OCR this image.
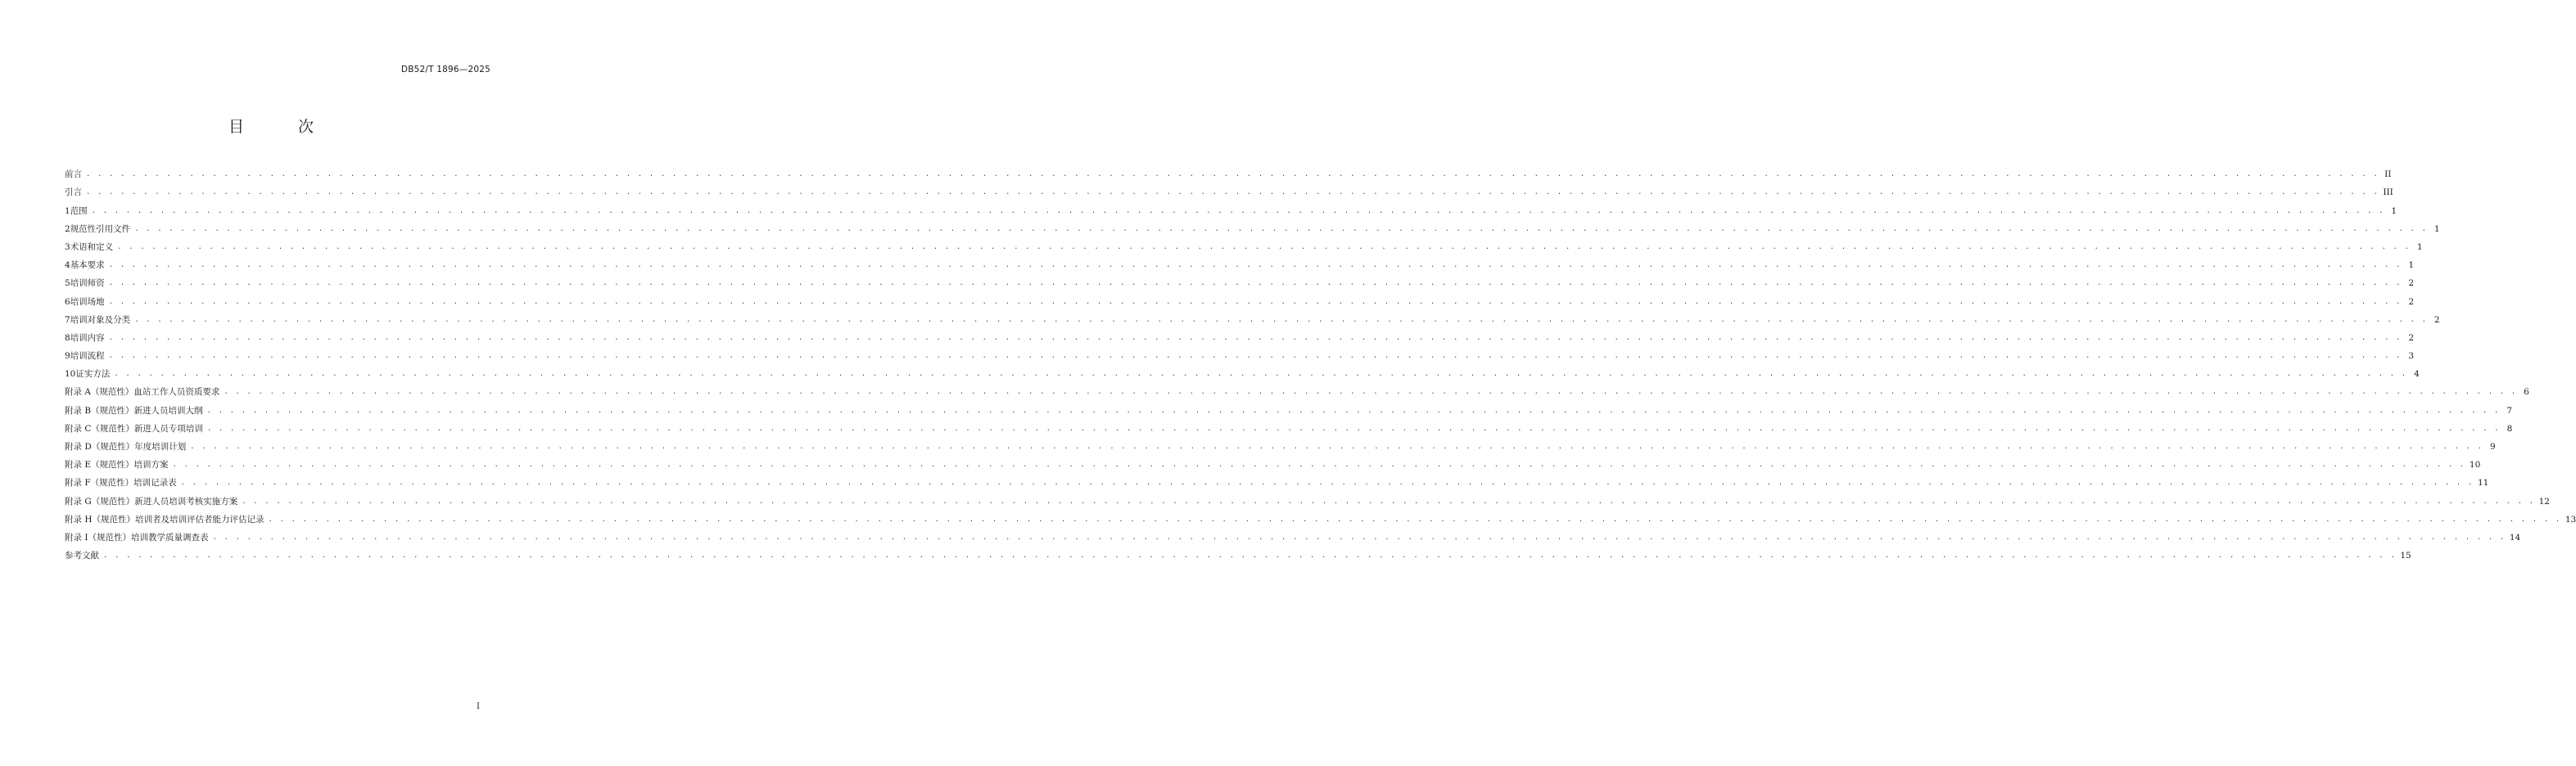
DB52/T 1896—2025
目 次
前言 . . . . . . . . . . . . . . . . . . . . . . . . . . . . . . . . . . . . . . . . . . . . . . . . . . . . . . . . . . . . . . . . . . . . . . . . . . . . . . . . . . . . . . . . . . . . . . . . . . . . . . . . . . . . . . . . . . . . . . . . . . . . . . . . . . . . . . . . . . . . . . . . . . . . . . . . . . . . . . . . . . . . . . . . . . . . . . . . . . . . . . . . . . . . . . . . . . . . . . . . II
引言 . . . . . . . . . . . . . . . . . . . . . . . . . . . . . . . . . . . . . . . . . . . . . . . . . . . . . . . . . . . . . . . . . . . . . . . . . . . . . . . . . . . . . . . . . . . . . . . . . . . . . . . . . . . . . . . . . . . . . . . . . . . . . . . . . . . . . . . . . . . . . . . . . . . . . . . . . . . . . . . . . . . . . . . . . . . . . . . . . . . . . . . . . . . . . . . . . . . . . . . . III
1 范围 . . . . . . . . . . . . . . . . . . . . . . . . . . . . . . . . . . . . . . . . . . . . . . . . . . . . . . . . . . . . . . . . . . . . . . . . . . . . . . . . . . . . . . . . . . . . . . . . . . . . . . . . . . . . . . . . . . . . . . . . . . . . . . . . . . . . . . . . . . . . . . . . . . . . . . . . . . . . . . . . . . . . . . . . . . . . . . . . . . . . . . . . . . . . . . . . . . . . . . . . 1
2 规范性引用文件 . . . . . . . . . . . . . . . . . . . . . . . . . . . . . . . . . . . . . . . . . . . . . . . . . . . . . . . . . . . . . . . . . . . . . . . . . . . . . . . . . . . . . . . . . . . . . . . . . . . . . . . . . . . . . . . . . . . . . . . . . . . . . . . . . . . . . . . . . . . . . . . . . . . . . . . . . . . . . . . . . . . . . . . . . . . . . . . . . . . . . . . . . . . . . . . . . . . . . . . . 1
3 术语和定义 . . . . . . . . . . . . . . . . . . . . . . . . . . . . . . . . . . . . . . . . . . . . . . . . . . . . . . . . . . . . . . . . . . . . . . . . . . . . . . . . . . . . . . . . . . . . . . . . . . . . . . . . . . . . . . . . . . . . . . . . . . . . . . . . . . . . . . . . . . . . . . . . . . . . . . . . . . . . . . . . . . . . . . . . . . . . . . . . . . . . . . . . . . . . . . . . . . . . . . . . 1
4 基本要求 . . . . . . . . . . . . . . . . . . . . . . . . . . . . . . . . . . . . . . . . . . . . . . . . . . . . . . . . . . . . . . . . . . . . . . . . . . . . . . . . . . . . . . . . . . . . . . . . . . . . . . . . . . . . . . . . . . . . . . . . . . . . . . . . . . . . . . . . . . . . . . . . . . . . . . . . . . . . . . . . . . . . . . . . . . . . . . . . . . . . . . . . . . . . . . . . . . . . . . . . 1
5 培训师资 . . . . . . . . . . . . . . . . . . . . . . . . . . . . . . . . . . . . . . . . . . . . . . . . . . . . . . . . . . . . . . . . . . . . . . . . . . . . . . . . . . . . . . . . . . . . . . . . . . . . . . . . . . . . . . . . . . . . . . . . . . . . . . . . . . . . . . . . . . . . . . . . . . . . . . . . . . . . . . . . . . . . . . . . . . . . . . . . . . . . . . . . . . . . . . . . . . . . . . . . 2
6 培训场地 . . . . . . . . . . . . . . . . . . . . . . . . . . . . . . . . . . . . . . . . . . . . . . . . . . . . . . . . . . . . . . . . . . . . . . . . . . . . . . . . . . . . . . . . . . . . . . . . . . . . . . . . . . . . . . . . . . . . . . . . . . . . . . . . . . . . . . . . . . . . . . . . . . . . . . . . . . . . . . . . . . . . . . . . . . . . . . . . . . . . . . . . . . . . . . . . . . . . . . . . 2
7 培训对象及分类 . . . . . . . . . . . . . . . . . . . . . . . . . . . . . . . . . . . . . . . . . . . . . . . . . . . . . . . . . . . . . . . . . . . . . . . . . . . . . . . . . . . . . . . . . . . . . . . . . . . . . . . . . . . . . . . . . . . . . . . . . . . . . . . . . . . . . . . . . . . . . . . . . . . . . . . . . . . . . . . . . . . . . . . . . . . . . . . . . . . . . . . . . . . . . . . . . . . . . . . . 2
8 培训内容 . . . . . . . . . . . . . . . . . . . . . . . . . . . . . . . . . . . . . . . . . . . . . . . . . . . . . . . . . . . . . . . . . . . . . . . . . . . . . . . . . . . . . . . . . . . . . . . . . . . . . . . . . . . . . . . . . . . . . . . . . . . . . . . . . . . . . . . . . . . . . . . . . . . . . . . . . . . . . . . . . . . . . . . . . . . . . . . . . . . . . . . . . . . . . . . . . . . . . . . . 2
9 培训流程 . . . . . . . . . . . . . . . . . . . . . . . . . . . . . . . . . . . . . . . . . . . . . . . . . . . . . . . . . . . . . . . . . . . . . . . . . . . . . . . . . . . . . . . . . . . . . . . . . . . . . . . . . . . . . . . . . . . . . . . . . . . . . . . . . . . . . . . . . . . . . . . . . . . . . . . . . . . . . . . . . . . . . . . . . . . . . . . . . . . . . . . . . . . . . . . . . . . . . . . . 3
10 证实方法 . . . . . . . . . . . . . . . . . . . . . . . . . . . . . . . . . . . . . . . . . . . . . . . . . . . . . . . . . . . . . . . . . . . . . . . . . . . . . . . . . . . . . . . . . . . . . . . . . . . . . . . . . . . . . . . . . . . . . . . . . . . . . . . . . . . . . . . . . . . . . . . . . . . . . . . . . . . . . . . . . . . . . . . . . . . . . . . . . . . . . . . . . . . . . . . . . . . . . . . . 4
附录 A（规范性） 血站工作人员资质要求 . . . . . . . . . . . . . . . . . . . . . . . . . . . . . . . . . . . . . . . . . . . . . . . . . . . . . . . . . . . . . . . . . . . . . . . . . . . . . . . . . . . . . . . . . . . . . . . . . . . . . . . . . . . . . . . . . . . . . . . . . . . . . . . . . . . . . . . . . . . . . . . . . . . . . . . . . . . . . . . . . . . . . . . . . . . . . . . . . . . . . . . . . . . . . . . . . . . . . . . . 6
附录 B（规范性） 新进人员培训大纲 . . . . . . . . . . . . . . . . . . . . . . . . . . . . . . . . . . . . . . . . . . . . . . . . . . . . . . . . . . . . . . . . . . . . . . . . . . . . . . . . . . . . . . . . . . . . . . . . . . . . . . . . . . . . . . . . . . . . . . . . . . . . . . . . . . . . . . . . . . . . . . . . . . . . . . . . . . . . . . . . . . . . . . . . . . . . . . . . . . . . . . . . . . . . . . . . . . . . . . . . 7
附录 C（规范性） 新进人员专项培训 . . . . . . . . . . . . . . . . . . . . . . . . . . . . . . . . . . . . . . . . . . . . . . . . . . . . . . . . . . . . . . . . . . . . . . . . . . . . . . . . . . . . . . . . . . . . . . . . . . . . . . . . . . . . . . . . . . . . . . . . . . . . . . . . . . . . . . . . . . . . . . . . . . . . . . . . . . . . . . . . . . . . . . . . . . . . . . . . . . . . . . . . . . . . . . . . . . . . . . . . 8
附录 D（规范性） 年度培训计划 . . . . . . . . . . . . . . . . . . . . . . . . . . . . . . . . . . . . . . . . . . . . . . . . . . . . . . . . . . . . . . . . . . . . . . . . . . . . . . . . . . . . . . . . . . . . . . . . . . . . . . . . . . . . . . . . . . . . . . . . . . . . . . . . . . . . . . . . . . . . . . . . . . . . . . . . . . . . . . . . . . . . . . . . . . . . . . . . . . . . . . . . . . . . . . . . . . . . . . . . 9
附录 E（规范性） 培训方案 . . . . . . . . . . . . . . . . . . . . . . . . . . . . . . . . . . . . . . . . . . . . . . . . . . . . . . . . . . . . . . . . . . . . . . . . . . . . . . . . . . . . . . . . . . . . . . . . . . . . . . . . . . . . . . . . . . . . . . . . . . . . . . . . . . . . . . . . . . . . . . . . . . . . . . . . . . . . . . . . . . . . . . . . . . . . . . . . . . . . . . . . . . . . . . . . . . . . . . . . 10
附录 F（规范性） 培训记录表 . . . . . . . . . . . . . . . . . . . . . . . . . . . . . . . . . . . . . . . . . . . . . . . . . . . . . . . . . . . . . . . . . . . . . . . . . . . . . . . . . . . . . . . . . . . . . . . . . . . . . . . . . . . . . . . . . . . . . . . . . . . . . . . . . . . . . . . . . . . . . . . . . . . . . . . . . . . . . . . . . . . . . . . . . . . . . . . . . . . . . . . . . . . . . . . . . . . . . . . . 11
附录 G（规范性） 新进人员培训考核实施方案 . . . . . . . . . . . . . . . . . . . . . . . . . . . . . . . . . . . . . . . . . . . . . . . . . . . . . . . . . . . . . . . . . . . . . . . . . . . . . . . . . . . . . . . . . . . . . . . . . . . . . . . . . . . . . . . . . . . . . . . . . . . . . . . . . . . . . . . . . . . . . . . . . . . . . . . . . . . . . . . . . . . . . . . . . . . . . . . . . . . . . . . . . . . . . . . . . . . . . . . . 12
附录 H（规范性） 培训者及培训评估者能力评估记录 . . . . . . . . . . . . . . . . . . . . . . . . . . . . . . . . . . . . . . . . . . . . . . . . . . . . . . . . . . . . . . . . . . . . . . . . . . . . . . . . . . . . . . . . . . . . . . . . . . . . . . . . . . . . . . . . . . . . . . . . . . . . . . . . . . . . . . . . . . . . . . . . . . . . . . . . . . . . . . . . . . . . . . . . . . . . . . . . . . . . . . . . . . . . . . . . . . . . . . . . 13
附录 I（规范性） 培训教学质量调查表 . . . . . . . . . . . . . . . . . . . . . . . . . . . . . . . . . . . . . . . . . . . . . . . . . . . . . . . . . . . . . . . . . . . . . . . . . . . . . . . . . . . . . . . . . . . . . . . . . . . . . . . . . . . . . . . . . . . . . . . . . . . . . . . . . . . . . . . . . . . . . . . . . . . . . . . . . . . . . . . . . . . . . . . . . . . . . . . . . . . . . . . . . . . . . . . . . . . . . . . . 14
参考文献 . . . . . . . . . . . . . . . . . . . . . . . . . . . . . . . . . . . . . . . . . . . . . . . . . . . . . . . . . . . . . . . . . . . . . . . . . . . . . . . . . . . . . . . . . . . . . . . . . . . . . . . . . . . . . . . . . . . . . . . . . . . . . . . . . . . . . . . . . . . . . . . . . . . . . . . . . . . . . . . . . . . . . . . . . . . . . . . . . . . . . . . . . . . . . . . . . . . . . . . . 15
I
